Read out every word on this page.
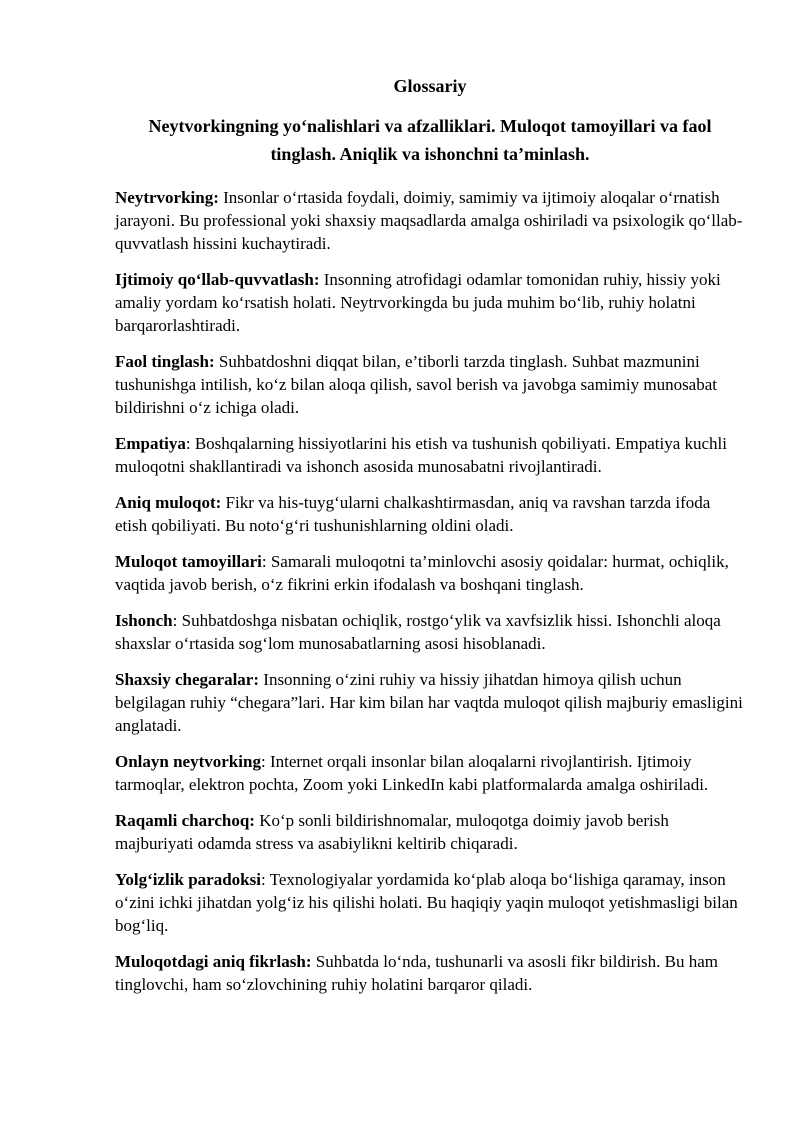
Glossariy
Neytvorkingning yo‘nalishlari va afzalliklari. Muloqot tamoyillari va faol tinglash. Aniqlik va ishonchni ta’minlash.
Neytrvorking: Insonlar o‘rtasida foydali, doimiy, samimiy va ijtimoiy aloqalar o‘rnatish jarayoni. Bu professional yoki shaxsiy maqsadlarda amalga oshiriladi va psixologik qo‘llab-quvvatlash hissini kuchaytiradi.
Ijtimoiy qo‘llab-quvvatlash: Insonning atrofidagi odamlar tomonidan ruhiy, hissiy yoki amaliy yordam ko‘rsatish holati. Neytrvorkingda bu juda muhim bo‘lib, ruhiy holatni barqarorlashtiradi.
Faol tinglash: Suhbatdoshni diqqat bilan, e’tiborli tarzda tinglash. Suhbat mazmunini tushunishga intilish, ko‘z bilan aloqa qilish, savol berish va javobga samimiy munosabat bildirishni o‘z ichiga oladi.
Empatiya: Boshqalarning hissiyotlarini his etish va tushunish qobiliyati. Empatiya kuchli muloqotni shakllantiradi va ishonch asosida munosabatni rivojlantiradi.
Aniq muloqot: Fikr va his-tuyg‘ularni chalkashtirmasdan, aniq va ravshan tarzda ifoda etish qobiliyati. Bu noto‘g‘ri tushunishlarning oldini oladi.
Muloqot tamoyillari: Samarali muloqotni ta’minlovchi asosiy qoidalar: hurmat, ochiqlik, vaqtida javob berish, o‘z fikrini erkin ifodalash va boshqani tinglash.
Ishonch: Suhbatdoshga nisbatan ochiqlik, rostgo‘ylik va xavfsizlik hissi. Ishonchli aloqa shaxslar o‘rtasida sog‘lom munosabatlarning asosi hisoblanadi.
Shaxsiy chegaralar: Insonning o‘zini ruhiy va hissiy jihatdan himoya qilish uchun belgilagan ruhiy “chegara”lari. Har kim bilan har vaqtda muloqot qilish majburiy emasligini anglatadi.
Onlayn neytvorking: Internet orqali insonlar bilan aloqalarni rivojlantirish. Ijtimoiy tarmoqlar, elektron pochta, Zoom yoki LinkedIn kabi platformalarda amalga oshiriladi.
Raqamli charchoq: Ko‘p sonli bildirishnomalar, muloqotga doimiy javob berish majburiyati odamda stress va asabiylikni keltirib chiqaradi.
Yolg‘izlik paradoksi: Texnologiyalar yordamida ko‘plab aloqa bo‘lishiga qaramay, inson o‘zini ichki jihatdan yolg‘iz his qilishi holati. Bu haqiqiy yaqin muloqot yetishmasligi bilan bog‘liq.
Muloqotdagi aniq fikrlash: Suhbatda lo‘nda, tushunarli va asosli fikr bildirish. Bu ham tinglovchi, ham so‘zlovchining ruhiy holatini barqaror qiladi.
